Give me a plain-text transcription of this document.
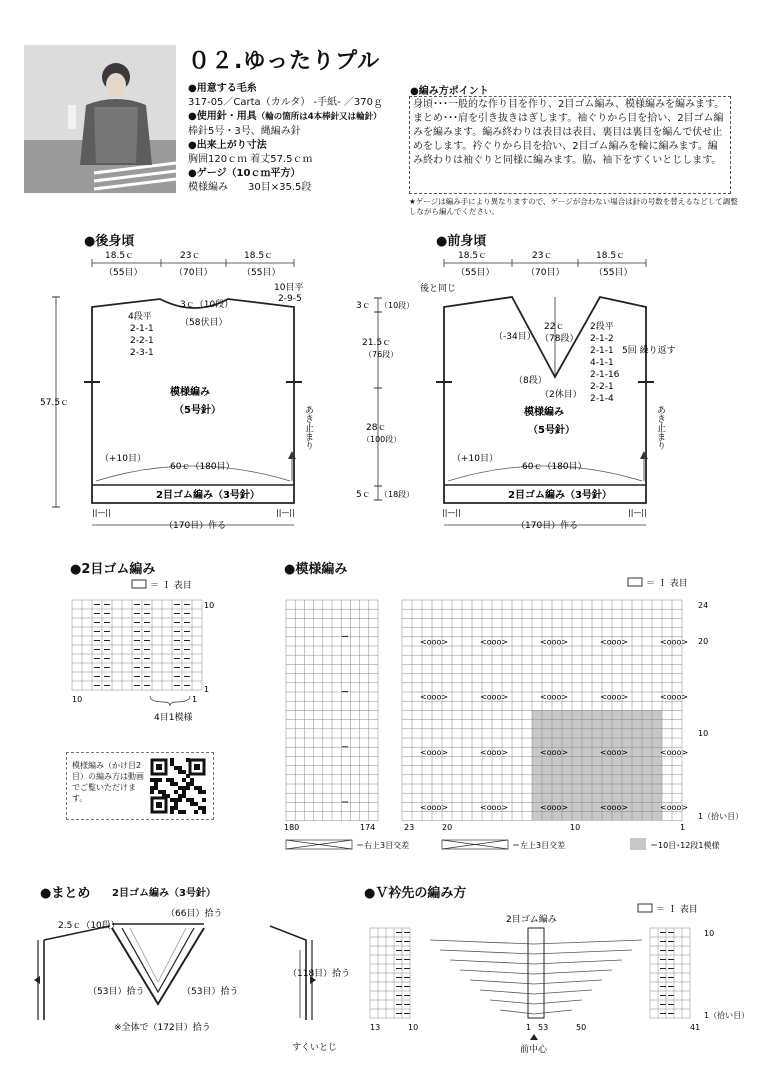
０２.ゆったりプル
●用意する毛糸
317-05／Carta（カルタ） -手紙- ／370ｇ
●使用針・用具（輪の箇所は4本棒針又は輪針）
棒針5号・3号、縄編み針
●出来上がり寸法
胸囲120ｃｍ 着丈57.5ｃｍ
●ゲージ（10ｃｍ平方）
模様編み　　30目×35.5段
●編み方ポイント
身頃･･･一般的な作り目を作り、2目ゴム編み、模様編みを編みます。
まとめ･･･肩を引き抜きはぎします。袖ぐりから目を拾い、2目ゴム編みを編みます。編み終わりは表目は表目、裏目は裏目を編んで伏せ止めをします。衿ぐりから目を拾い、2目ゴム編みを輪に編みます。編み終わりは袖ぐりと同様に編みます。脇、袖下をすくいとじします。
★ゲージは編み手により異なりますので、ゲージが合わない場合は針の号数を替えるなどして調整しながら編んでください。
●後身頃
||—||	||—||
18.5ｃ	23ｃ	18.5ｃ
（55目）	（70目）	（55目）
3ｃ（10段）
（58伏目）
10目平
2-9-5
4段平
2-1-1
2-2-1
2-3-1
57.5ｃ
模様編み
（5号針）	あき止まり
（+10目）
60ｃ（180目）
2目ゴム編み（3号針）
（170目）作る
3ｃ （10段）
21.5ｃ
（76段）
28ｃ
（100段）
5ｃ （18段）
●前身頃
||—||	||—||
18.5ｃ	23ｃ	18.5ｃ
（55目）	（70目）	（55目）
後と同じ
22ｃ
（78段）
（-34目）
2段平
2-1-2
2-1-1
4-1-1
2-1-16
2-2-1
2-1-4
5回 繰り返す
（2休目）
（8段）
模様編み
（5号針）	あき止まり
（+10目）
60ｃ（180目）
2目ゴム編み（3号針）
（170目）作る
●2目ゴム編み
＝ Ｉ 表目
10
1
10	1
4目1模様
模様編み（かけ目2目）の編み方は動画でご覧いただけます。
●模様編み
＝ Ｉ 表目
<ooo>	<ooo>	<ooo>	<ooo>	<ooo>
<ooo>	<ooo>	<ooo>	<ooo>	<ooo>
<ooo>	<ooo>	<ooo>	<ooo>	<ooo>
<ooo>	<ooo>	<ooo>	<ooo>	<ooo>
24
20
10
1（拾い目）
180	174	23	20	10	1
＝右上3目交差	＝左上3目交差	＝10目･12段1模様
●まとめ 2目ゴム編み（3号針）
2.5ｃ（10段）
（66目）拾う
（53目）拾う	（53目）拾う
（118目）拾う
※全体で（172目）拾う
すくいとじ
●Ｖ衿先の編み方
＝ Ｉ 表目
2目ゴム編み
10
1（拾い目）
13	10	1 53	50	41
前中心
